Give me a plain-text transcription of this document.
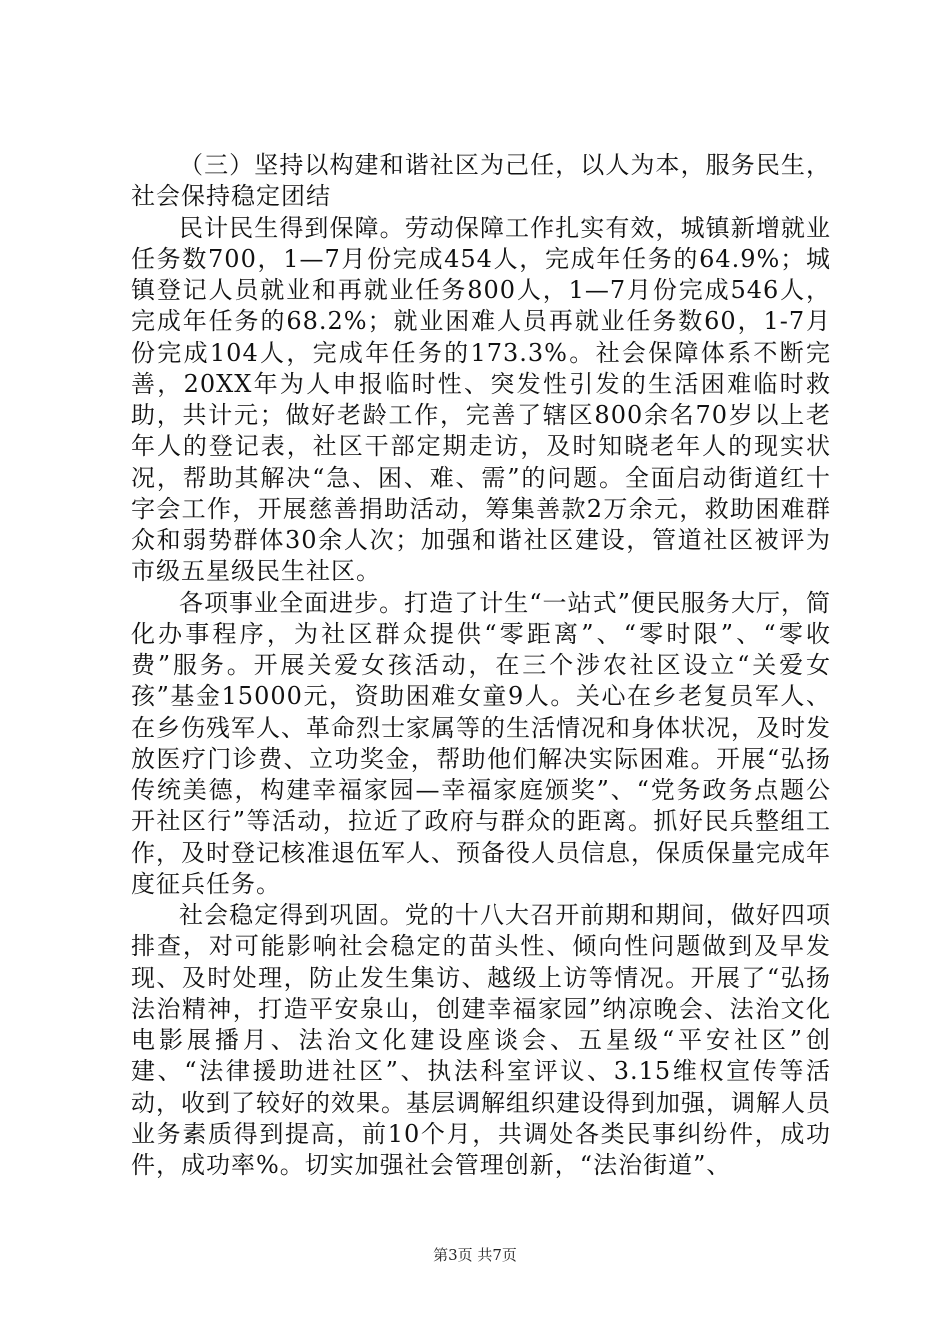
（三）坚持以构建和谐社区为己任，以人为本，服务民生，社会保持稳定团结

民计民生得到保障。劳动保障工作扎实有效，城镇新增就业任务数700，1—7月份完成454人，完成年任务的64.9%；城镇登记人员就业和再就业任务800人，1—7月份完成546人，完成年任务的68.2%；就业困难人员再就业任务数60，1-7月份完成104人，完成年任务的173.3%。社会保障体系不断完善，20XX年为人申报临时性、突发性引发的生活困难临时救助，共计元；做好老龄工作，完善了辖区800余名70岁以上老年人的登记表，社区干部定期走访，及时知晓老年人的现实状况，帮助其解决“急、困、难、需”的问题。全面启动街道红十字会工作，开展慈善捐助活动，筹集善款2万余元，救助困难群众和弱势群体30余人次；加强和谐社区建设，管道社区被评为市级五星级民生社区。

各项事业全面进步。打造了计生“一站式”便民服务大厅，简化办事程序，为社区群众提供“零距离”、“零时限”、“零收费”服务。开展关爱女孩活动，在三个涉农社区设立“关爱女孩”基金15000元，资助困难女童9人。关心在乡老复员军人、在乡伤残军人、革命烈士家属等的生活情况和身体状况，及时发放医疗门诊费、立功奖金，帮助他们解决实际困难。开展“弘扬传统美德，构建幸福家园—幸福家庭颁奖”、“党务政务点题公开社区行”等活动，拉近了政府与群众的距离。抓好民兵整组工作，及时登记核准退伍军人、预备役人员信息，保质保量完成年度征兵任务。

社会稳定得到巩固。党的十八大召开前期和期间，做好四项排查，对可能影响社会稳定的苗头性、倾向性问题做到及早发现、及时处理，防止发生集访、越级上访等情况。开展了“弘扬法治精神，打造平安泉山，创建幸福家园”纳凉晚会、法治文化电影展播月、法治文化建设座谈会、五星级“平安社区”创建、“法律援助进社区”、执法科室评议、3.15维权宣传等活动，收到了较好的效果。基层调解组织建设得到加强，调解人员业务素质得到提高，前10个月，共调处各类民事纠纷件，成功件，成功率%。切实加强社会管理创新，“法治街道”、

第3页 共7页
